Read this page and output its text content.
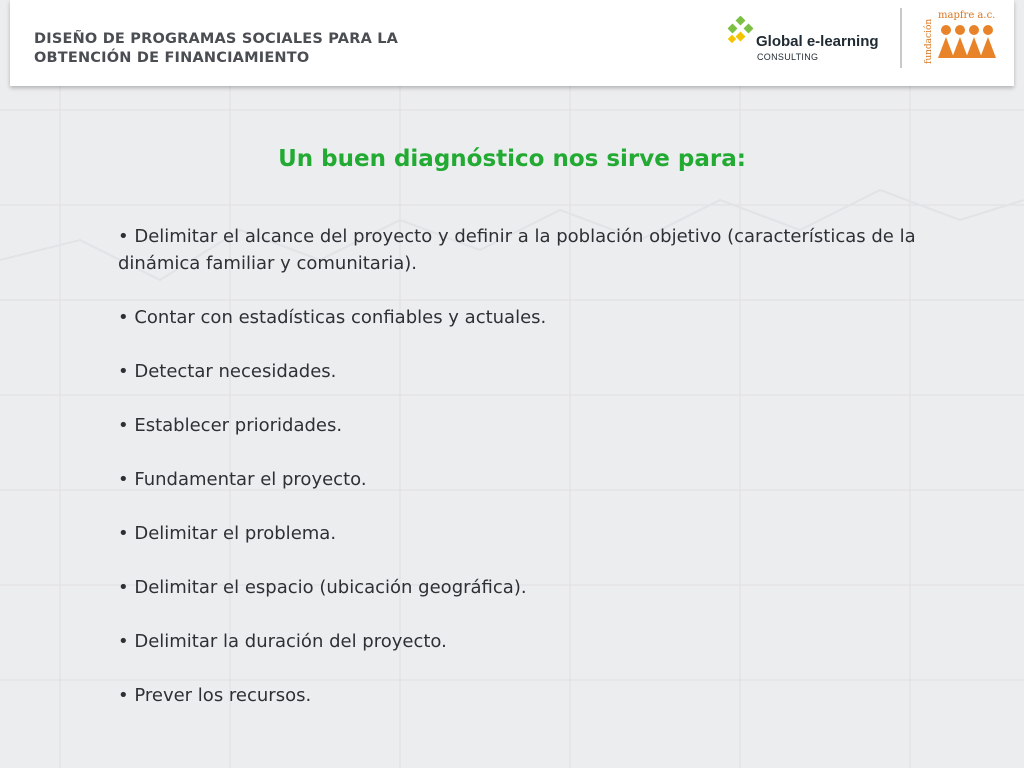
DISEÑO DE PROGRAMAS SOCIALES PARA LA
OBTENCIÓN DE FINANCIAMIENTO
Global e-learning
CONSULTING	fundación
mapfre a.c.
Un buen diagnóstico nos sirve para:
• Delimitar el alcance del proyecto y definir a la población objetivo (características de la dinámica familiar y comunitaria).
• Contar con estadísticas confiables y actuales.
• Detectar necesidades.
• Establecer prioridades.
• Fundamentar el proyecto.
• Delimitar el problema.
• Delimitar el espacio (ubicación geográfica).
• Delimitar la duración del proyecto.
• Prever los recursos.
